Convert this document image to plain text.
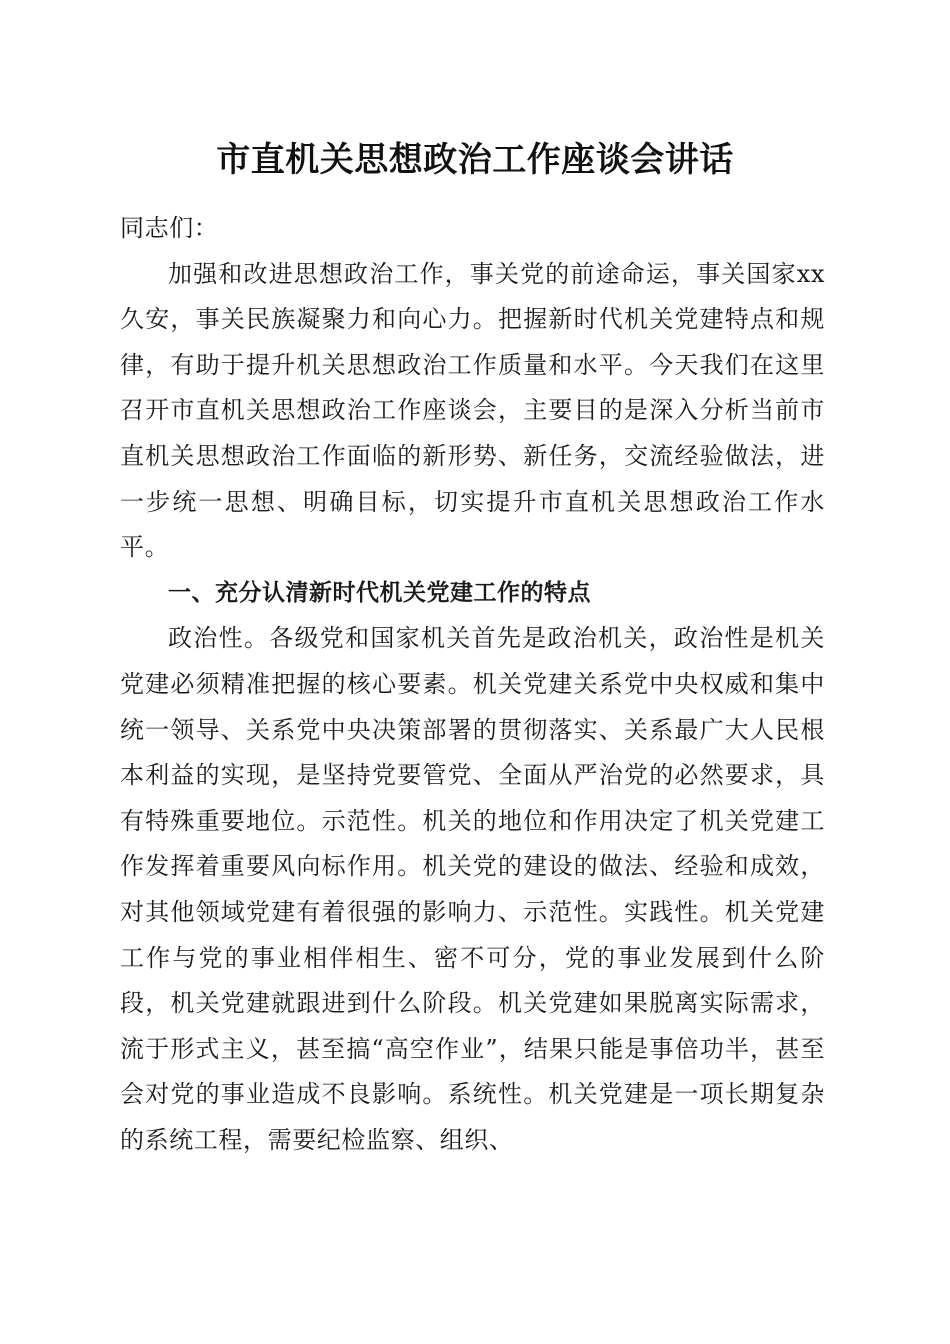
市直机关思想政治工作座谈会讲话

同志们：

加强和改进思想政治工作，事关党的前途命运，事关国家xx久安，事关民族凝聚力和向心力。把握新时代机关党建特点和规律，有助于提升机关思想政治工作质量和水平。今天我们在这里召开市直机关思想政治工作座谈会，主要目的是深入分析当前市直机关思想政治工作面临的新形势、新任务，交流经验做法，进一步统一思想、明确目标，切实提升市直机关思想政治工作水平。

一、充分认清新时代机关党建工作的特点

政治性。各级党和国家机关首先是政治机关，政治性是机关党建必须精准把握的核心要素。机关党建关系党中央权威和集中统一领导、关系党中央决策部署的贯彻落实、关系最广大人民根本利益的实现，是坚持党要管党、全面从严治党的必然要求，具有特殊重要地位。示范性。机关的地位和作用决定了机关党建工作发挥着重要风向标作用。机关党的建设的做法、经验和成效，对其他领域党建有着很强的影响力、示范性。实践性。机关党建工作与党的事业相伴相生、密不可分，党的事业发展到什么阶段，机关党建就跟进到什么阶段。机关党建如果脱离实际需求，流于形式主义，甚至搞“高空作业”，结果只能是事倍功半，甚至会对党的事业造成不良影响。系统性。机关党建是一项长期复杂的系统工程，需要纪检监察、组织、
